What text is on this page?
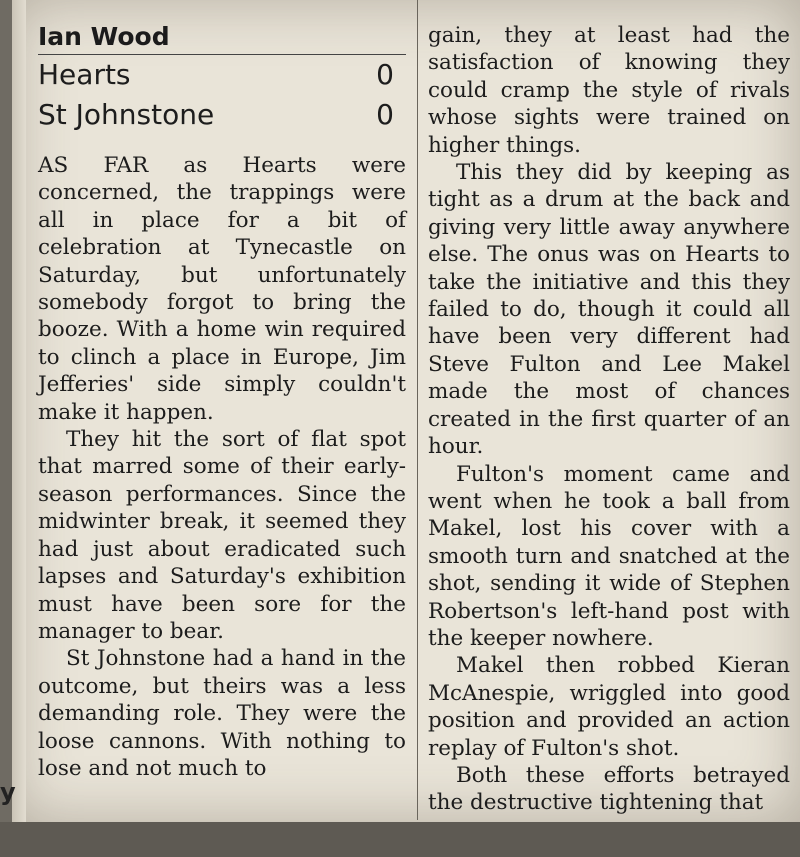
y
Ian Wood
Hearts	0
St Johnstone	0

AS FAR as Hearts were concerned, the trappings were all in place for a bit of celebration at Tynecastle on Saturday, but unfortunately somebody forgot to bring the booze. With a home win required to clinch a place in Europe, Jim Jefferies' side simply couldn't make it happen.

They hit the sort of flat spot that marred some of their early-season performances. Since the midwinter break, it seemed they had just about eradicated such lapses and Saturday's exhibition must have been sore for the manager to bear.

St Johnstone had a hand in the outcome, but theirs was a less demanding role. They were the loose cannons. With nothing to lose and not much to

gain, they at least had the satisfaction of knowing they could cramp the style of rivals whose sights were trained on higher things.

This they did by keeping as tight as a drum at the back and giving very little away anywhere else. The onus was on Hearts to take the initiative and this they failed to do, though it could all have been very different had Steve Fulton and Lee Makel made the most of chances created in the first quarter of an hour.

Fulton's moment came and went when he took a ball from Makel, lost his cover with a smooth turn and snatched at the shot, sending it wide of Stephen Robertson's left-hand post with the keeper nowhere.

Makel then robbed Kieran McAnespie, wriggled into good position and provided an action replay of Fulton's shot.

Both these efforts betrayed the destructive tightening that
